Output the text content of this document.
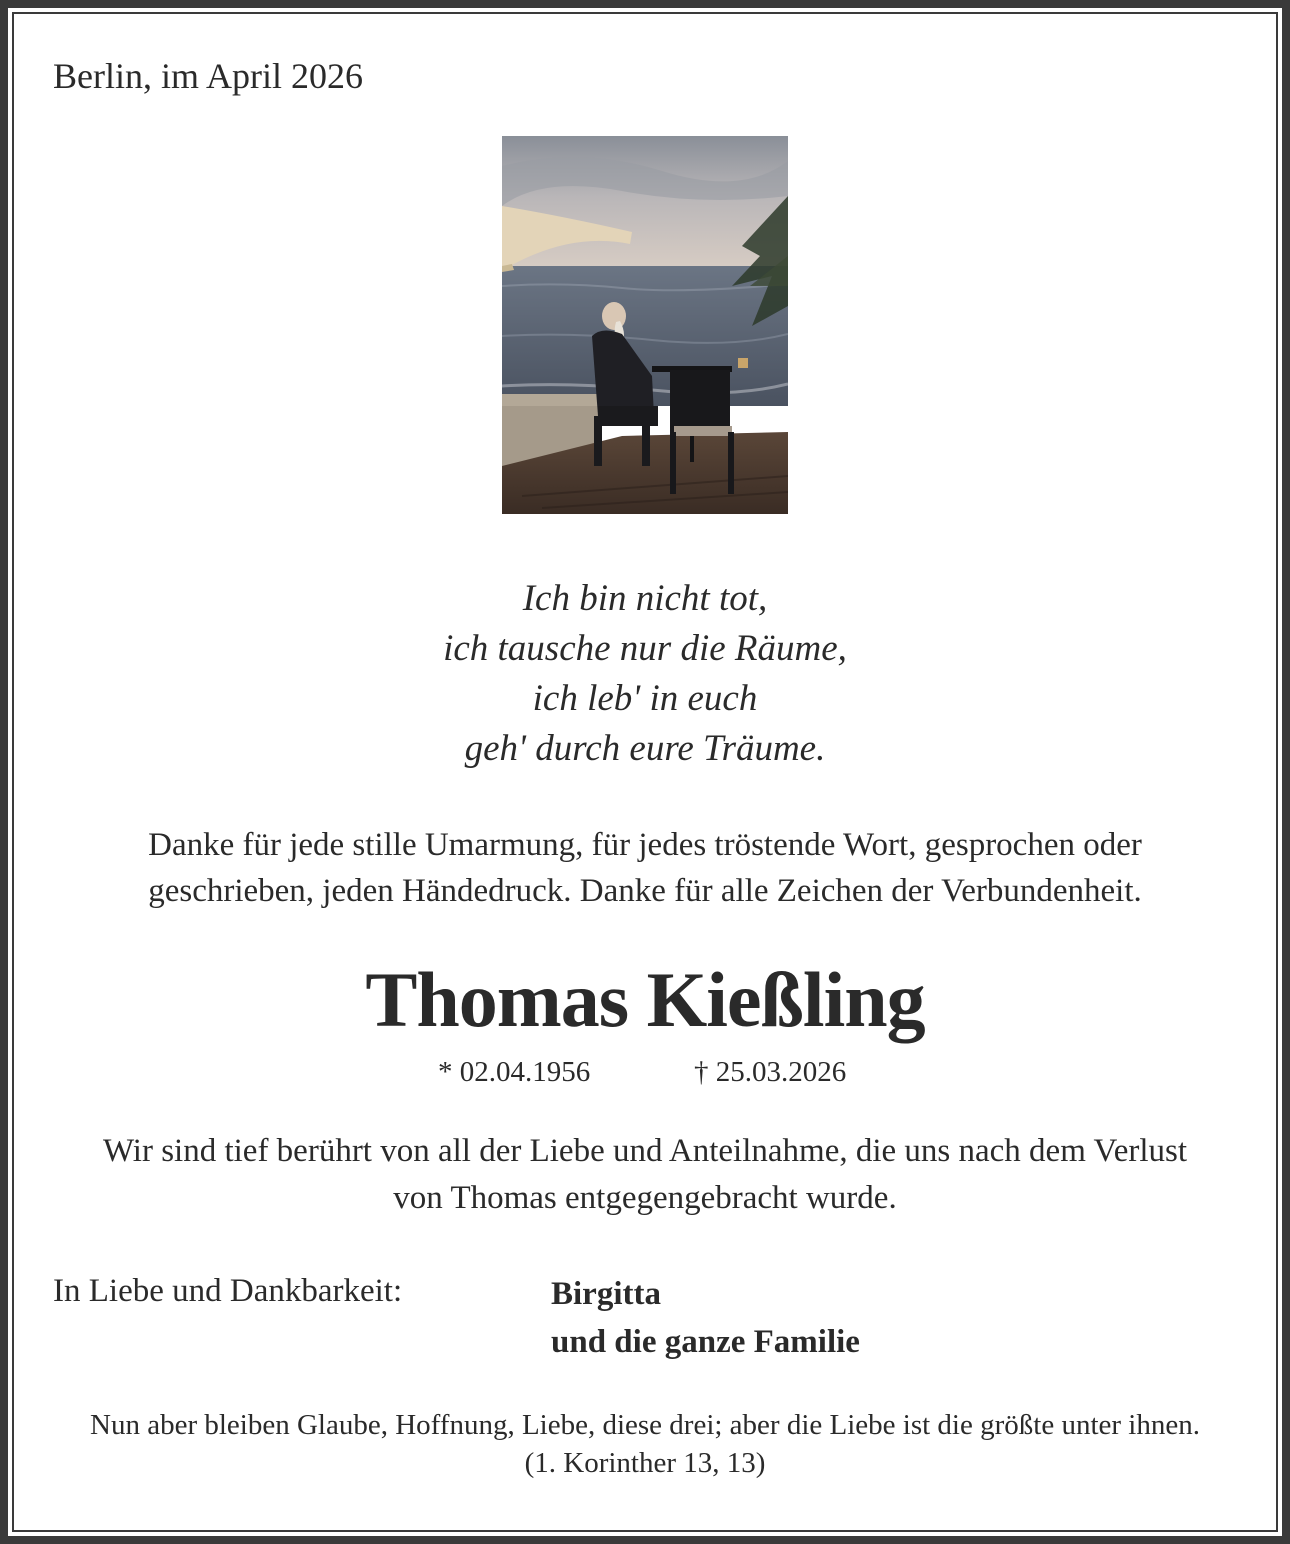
Berlin, im April 2026
Ich bin nicht tot,
ich tausche nur die Räume,
ich leb' in euch
geh' durch eure Träume.
Danke für jede stille Umarmung, für jedes tröstende Wort, gesprochen oder
geschrieben, jeden Händedruck. Danke für alle Zeichen der Verbundenheit.
Thomas Kießling
* 02.04.1956	† 25.03.2026
Wir sind tief berührt von all der Liebe und Anteilnahme, die uns nach dem Verlust
von Thomas entgegengebracht wurde.
In Liebe und Dankbarkeit:	Birgitta
und die ganze Familie
Nun aber bleiben Glaube, Hoffnung, Liebe, diese drei; aber die Liebe ist die größte unter ihnen.
(1. Korinther 13, 13)
